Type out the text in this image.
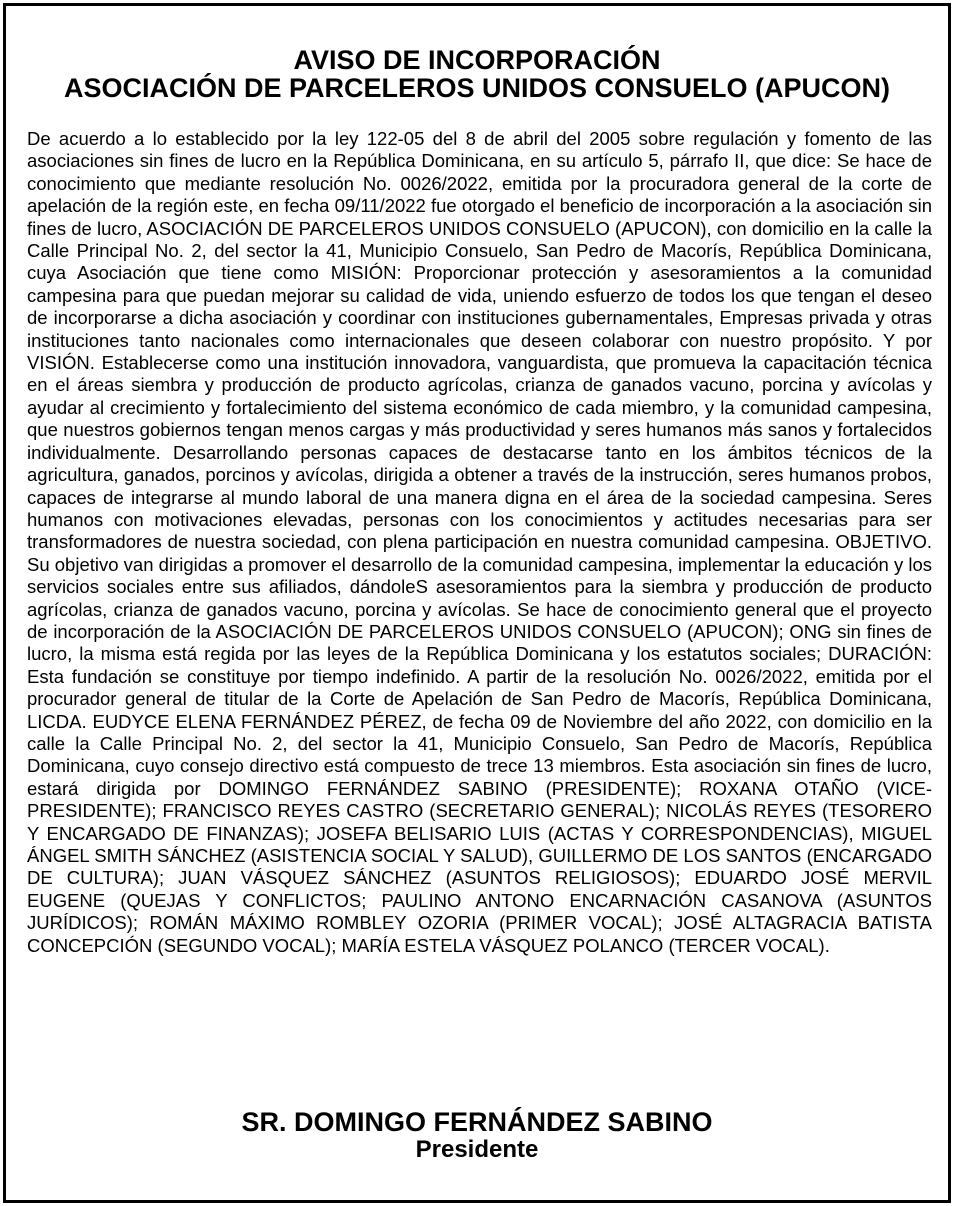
AVISO DE INCORPORACIÓN
ASOCIACIÓN DE PARCELEROS UNIDOS CONSUELO (APUCON)

De acuerdo a lo establecido por la ley 122-05 del 8 de abril del 2005 sobre regulación y fomento de las asociaciones sin fines de lucro en la República Dominicana, en su artículo 5, párrafo II, que dice: Se hace de conocimiento que mediante resolución No. 0026/2022, emitida por la procuradora general de la corte de apelación de la región este, en fecha 09/11/2022 fue otorgado el beneficio de incorporación a la asociación sin fines de lucro, ASOCIACIÓN DE PARCELEROS UNIDOS CONSUELO (APUCON), con domicilio en la calle la Calle Principal No. 2, del sector la 41, Municipio Consuelo, San Pedro de Macorís, República Dominicana, cuya Asociación que tiene como MISIÓN: Proporcionar protección y asesoramientos a la comunidad campesina para que puedan mejorar su calidad de vida, uniendo esfuerzo de todos los que tengan el deseo de incorporarse a dicha asociación y coordinar con instituciones gubernamentales, Empresas privada y otras instituciones tanto nacionales como internacionales que deseen colaborar con nuestro propósito. Y por VISIÓN. Establecerse como una institución innovadora, vanguardista, que promueva la capacitación técnica en el áreas siembra y producción de producto agrícolas, crianza de ganados vacuno, porcina y avícolas y ayudar al crecimiento y fortalecimiento del sistema económico de cada miembro, y la comunidad campesina, que nuestros gobiernos tengan menos cargas y más productividad y seres humanos más sanos y fortalecidos individualmente. Desarrollando personas capaces de destacarse tanto en los ámbitos técnicos de la agricultura, ganados, porcinos y avícolas, dirigida a obtener a través de la instrucción, seres humanos probos, capaces de integrarse al mundo laboral de una manera digna en el área de la sociedad campesina. Seres humanos con motivaciones elevadas, personas con los conocimientos y actitudes necesarias para ser transformadores de nuestra sociedad, con plena participación en nuestra comunidad campesina. OBJETIVO. Su objetivo van dirigidas a promover el desarrollo de la comunidad campesina, implementar la educación y los servicios sociales entre sus afiliados, dándoleS asesoramientos para la siembra y producción de producto agrícolas, crianza de ganados vacuno, porcina y avícolas. Se hace de conocimiento general que el proyecto de incorporación de la ASOCIACIÓN DE PARCELEROS UNIDOS CONSUELO (APUCON); ONG sin fines de lucro, la misma está regida por las leyes de la República Dominicana y los estatutos sociales; DURACIÓN: Esta fundación se constituye por tiempo indefinido. A partir de la resolución No. 0026/2022, emitida por el procurador general de titular de la Corte de Apelación de San Pedro de Macorís, República Dominicana, LICDA. EUDYCE ELENA FERNÁNDEZ PÉREZ, de fecha 09 de Noviembre del año 2022, con domicilio en la calle la Calle Principal No. 2, del sector la 41, Municipio Consuelo, San Pedro de Macorís, República Dominicana, cuyo consejo directivo está compuesto de trece 13 miembros. Esta asociación sin fines de lucro, estará dirigida por DOMINGO FERNÁNDEZ SABINO (PRESIDENTE); ROXANA OTAÑO (VICE-PRESIDENTE); FRANCISCO REYES CASTRO (SECRETARIO GENERAL); NICOLÁS REYES (TESORERO Y ENCARGADO DE FINANZAS); JOSEFA BELISARIO LUIS (ACTAS Y CORRESPONDENCIAS), MIGUEL ÁNGEL SMITH SÁNCHEZ (ASISTENCIA SOCIAL Y SALUD), GUILLERMO DE LOS SANTOS (ENCARGADO DE CULTURA); JUAN VÁSQUEZ SÁNCHEZ (ASUNTOS RELIGIOSOS); EDUARDO JOSÉ MERVIL EUGENE (QUEJAS Y CONFLICTOS; PAULINO ANTONO ENCARNACIÓN CASANOVA (ASUNTOS JURÍDICOS); ROMÁN MÁXIMO ROMBLEY OZORIA (PRIMER VOCAL); JOSÉ ALTAGRACIA BATISTA CONCEPCIÓN (SEGUNDO VOCAL); MARÍA ESTELA VÁSQUEZ POLANCO (TERCER VOCAL).

SR. DOMINGO FERNÁNDEZ SABINO
Presidente
